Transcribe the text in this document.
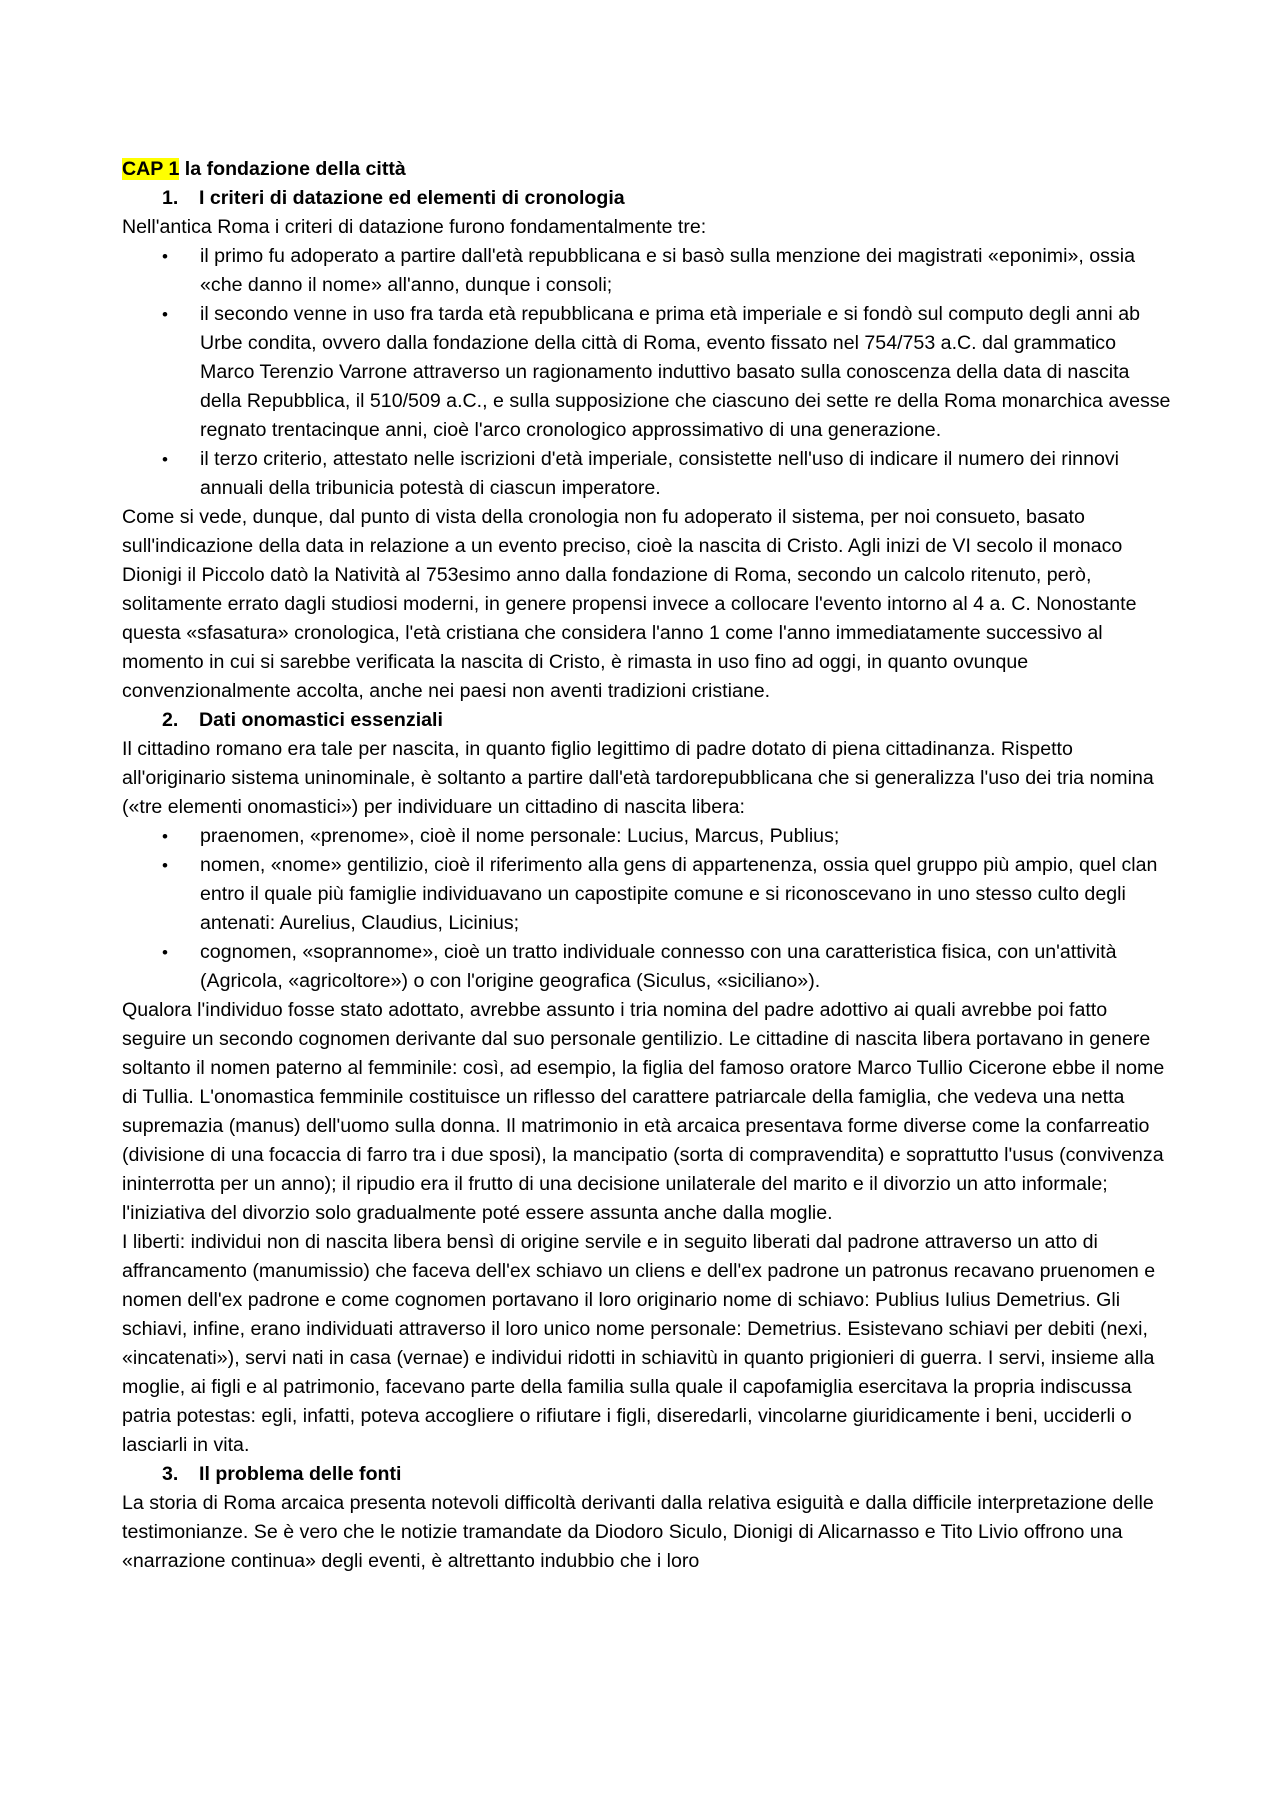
CAP 1 la fondazione della città

1.	I criteri di datazione ed elementi di cronologia

Nell'antica Roma i criteri di datazione furono fondamentalmente tre:

• il primo fu adoperato a partire dall'età repubblicana e si basò sulla menzione dei magistrati «eponimi», ossia «che danno il nome» all'anno, dunque i consoli;
• il secondo venne in uso fra tarda età repubblicana e prima età imperiale e si fondò sul computo degli anni ab Urbe condita, ovvero dalla fondazione della città di Roma, evento fissato nel 754/753 a.C. dal grammatico Marco Terenzio Varrone attraverso un ragionamento induttivo basato sulla conoscenza della data di nascita della Repubblica, il 510/509 a.C., e sulla supposizione che ciascuno dei sette re della Roma monarchica avesse regnato trentacinque anni, cioè l'arco cronologico approssimativo di una generazione.
• il terzo criterio, attestato nelle iscrizioni d'età imperiale, consistette nell'uso di indicare il numero dei rinnovi annuali della tribunicia potestà di ciascun imperatore.

Come si vede, dunque, dal punto di vista della cronologia non fu adoperato il sistema, per noi consueto, basato sull'indicazione della data in relazione a un evento preciso, cioè la nascita di Cristo. Agli inizi de VI secolo il monaco Dionigi il Piccolo datò la Natività al 753esimo anno dalla fondazione di Roma, secondo un calcolo ritenuto, però, solitamente errato dagli studiosi moderni, in genere propensi invece a collocare l'evento intorno al 4 a. C. Nonostante questa «sfasatura» cronologica, l'età cristiana che considera l'anno 1 come l'anno immediatamente successivo al momento in cui si sarebbe verificata la nascita di Cristo, è rimasta in uso fino ad oggi, in quanto ovunque convenzionalmente accolta, anche nei paesi non aventi tradizioni cristiane.

2.	Dati onomastici essenziali

Il cittadino romano era tale per nascita, in quanto figlio legittimo di padre dotato di piena cittadinanza. Rispetto all'originario sistema uninominale, è soltanto a partire dall'età tardorepubblicana che si generalizza l'uso dei tria nomina («tre elementi onomastici») per individuare un cittadino di nascita libera:

• praenomen, «prenome», cioè il nome personale: Lucius, Marcus, Publius;
• nomen, «nome» gentilizio, cioè il riferimento alla gens di appartenenza, ossia quel gruppo più ampio, quel clan entro il quale più famiglie individuavano un capostipite comune e si riconoscevano in uno stesso culto degli antenati: Aurelius, Claudius, Licinius;
• cognomen, «soprannome», cioè un tratto individuale connesso con una caratteristica fisica, con un'attività (Agricola, «agricoltore») o con l'origine geografica (Siculus, «siciliano»).

Qualora l'individuo fosse stato adottato, avrebbe assunto i tria nomina del padre adottivo ai quali avrebbe poi fatto seguire un secondo cognomen derivante dal suo personale gentilizio. Le cittadine di nascita libera portavano in genere soltanto il nomen paterno al femminile: così, ad esempio, la figlia del famoso oratore Marco Tullio Cicerone ebbe il nome di Tullia. L'onomastica femminile costituisce un riflesso del carattere patriarcale della famiglia, che vedeva una netta supremazia (manus) dell'uomo sulla donna. Il matrimonio in età arcaica presentava forme diverse come la confarreatio (divisione di una focaccia di farro tra i due sposi), la mancipatio (sorta di compravendita) e soprattutto l'usus (convivenza ininterrotta per un anno); il ripudio era il frutto di una decisione unilaterale del marito e il divorzio un atto informale; l'iniziativa del divorzio solo gradualmente poté essere assunta anche dalla moglie.

I liberti: individui non di nascita libera bensì di origine servile e in seguito liberati dal padrone attraverso un atto di affrancamento (manumissio) che faceva dell'ex schiavo un cliens e dell'ex padrone un patronus recavano pruenomen e nomen dell'ex padrone e come cognomen portavano il loro originario nome di schiavo: Publius Iulius Demetrius. Gli schiavi, infine, erano individuati attraverso il loro unico nome personale: Demetrius. Esistevano schiavi per debiti (nexi, «incatenati»), servi nati in casa (vernae) e individui ridotti in schiavitù in quanto prigionieri di guerra. I servi, insieme alla moglie, ai figli e al patrimonio, facevano parte della familia sulla quale il capofamiglia esercitava la propria indiscussa patria potestas: egli, infatti, poteva accogliere o rifiutare i figli, diseredarli, vincolarne giuridicamente i beni, ucciderli o lasciarli in vita.

3.	Il problema delle fonti

La storia di Roma arcaica presenta notevoli difficoltà derivanti dalla relativa esiguità e dalla difficile interpretazione delle testimonianze. Se è vero che le notizie tramandate da Diodoro Siculo, Dionigi di Alicarnasso e Tito Livio offrono una «narrazione continua» degli eventi, è altrettanto indubbio che i loro
